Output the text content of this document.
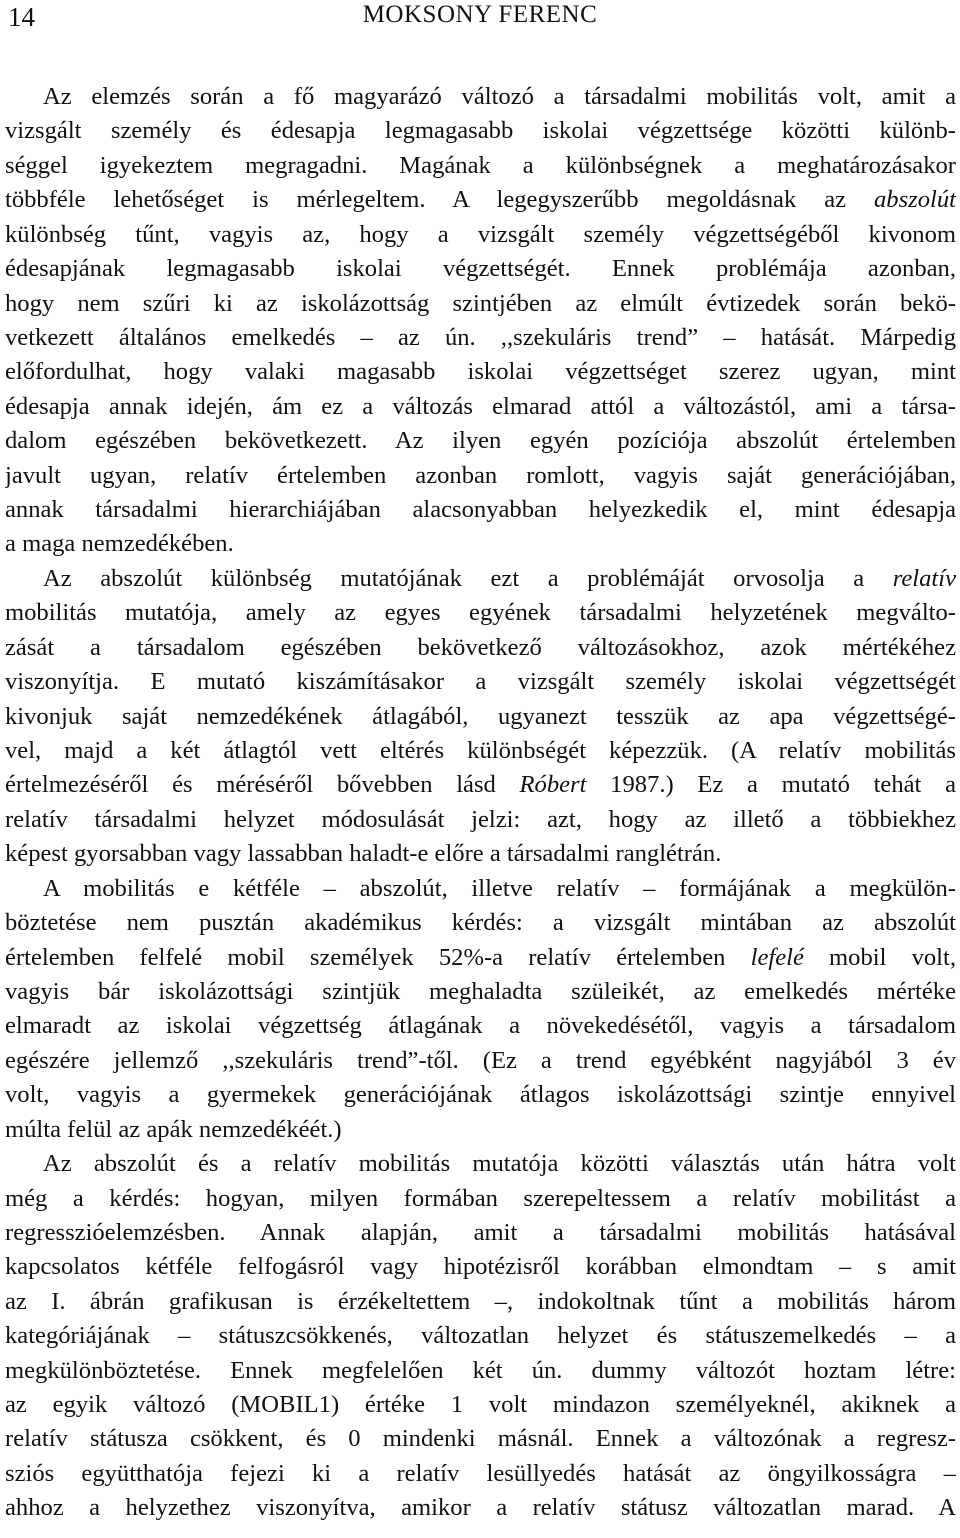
14	MOKSONY FERENC
Az elemzés során a fő magyarázó változó a társadalmi mobilitás volt, amit a
vizsgált személy és édesapja legmagasabb iskolai végzettsége közötti különb-
séggel igyekeztem megragadni. Magának a különbségnek a meghatározásakor
többféle lehetőséget is mérlegeltem. A legegyszerűbb megoldásnak az abszolút
különbség tűnt, vagyis az, hogy a vizsgált személy végzettségéből kivonom
édesapjának legmagasabb iskolai végzettségét. Ennek problémája azonban,
hogy nem szűri ki az iskolázottság szintjében az elmúlt évtizedek során bekö-
vetkezett általános emelkedés – az ún. ,,szekuláris trend” – hatását. Márpedig
előfordulhat, hogy valaki magasabb iskolai végzettséget szerez ugyan, mint
édesapja annak idején, ám ez a változás elmarad attól a változástól, ami a társa-
dalom egészében bekövetkezett. Az ilyen egyén pozíciója abszolút értelemben
javult ugyan, relatív értelemben azonban romlott, vagyis saját generációjában,
annak társadalmi hierarchiájában alacsonyabban helyezkedik el, mint édesapja
a maga nemzedékében.
Az abszolút különbség mutatójának ezt a problémáját orvosolja a relatív
mobilitás mutatója, amely az egyes egyének társadalmi helyzetének megválto-
zását a társadalom egészében bekövetkező változásokhoz, azok mértékéhez
viszonyítja. E mutató kiszámításakor a vizsgált személy iskolai végzettségét
kivonjuk saját nemzedékének átlagából, ugyanezt tesszük az apa végzettségé-
vel, majd a két átlagtól vett eltérés különbségét képezzük. (A relatív mobilitás
értelmezéséről és méréséről bővebben lásd Róbert 1987.) Ez a mutató tehát a
relatív társadalmi helyzet módosulását jelzi: azt, hogy az illető a többiekhez
képest gyorsabban vagy lassabban haladt-e előre a társadalmi ranglétrán.
A mobilitás e kétféle – abszolút, illetve relatív – formájának a megkülön-
böztetése nem pusztán akadémikus kérdés: a vizsgált mintában az abszolút
értelemben felfelé mobil személyek 52%-a relatív értelemben lefelé mobil volt,
vagyis bár iskolázottsági szintjük meghaladta szüleikét, az emelkedés mértéke
elmaradt az iskolai végzettség átlagának a növekedésétől, vagyis a társadalom
egészére jellemző ,,szekuláris trend”-től. (Ez a trend egyébként nagyjából 3 év
volt, vagyis a gyermekek generációjának átlagos iskolázottsági szintje ennyivel
múlta felül az apák nemzedékéét.)
Az abszolút és a relatív mobilitás mutatója közötti választás után hátra volt
még a kérdés: hogyan, milyen formában szerepeltessem a relatív mobilitást a
regresszióelemzésben. Annak alapján, amit a társadalmi mobilitás hatásával
kapcsolatos kétféle felfogásról vagy hipotézisről korábban elmondtam – s amit
az I. ábrán grafikusan is érzékeltettem –, indokoltnak tűnt a mobilitás három
kategóriájának – státuszcsökkenés, változatlan helyzet és státuszemelkedés – a
megkülönböztetése. Ennek megfelelően két ún. dummy változót hoztam létre:
az egyik változó (MOBIL1) értéke 1 volt mindazon személyeknél, akiknek a
relatív státusza csökkent, és 0 mindenki másnál. Ennek a változónak a regresz-
sziós együtthatója fejezi ki a relatív lesüllyedés hatását az öngyilkosságra –
ahhoz a helyzethez viszonyítva, amikor a relatív státusz változatlan marad. A
